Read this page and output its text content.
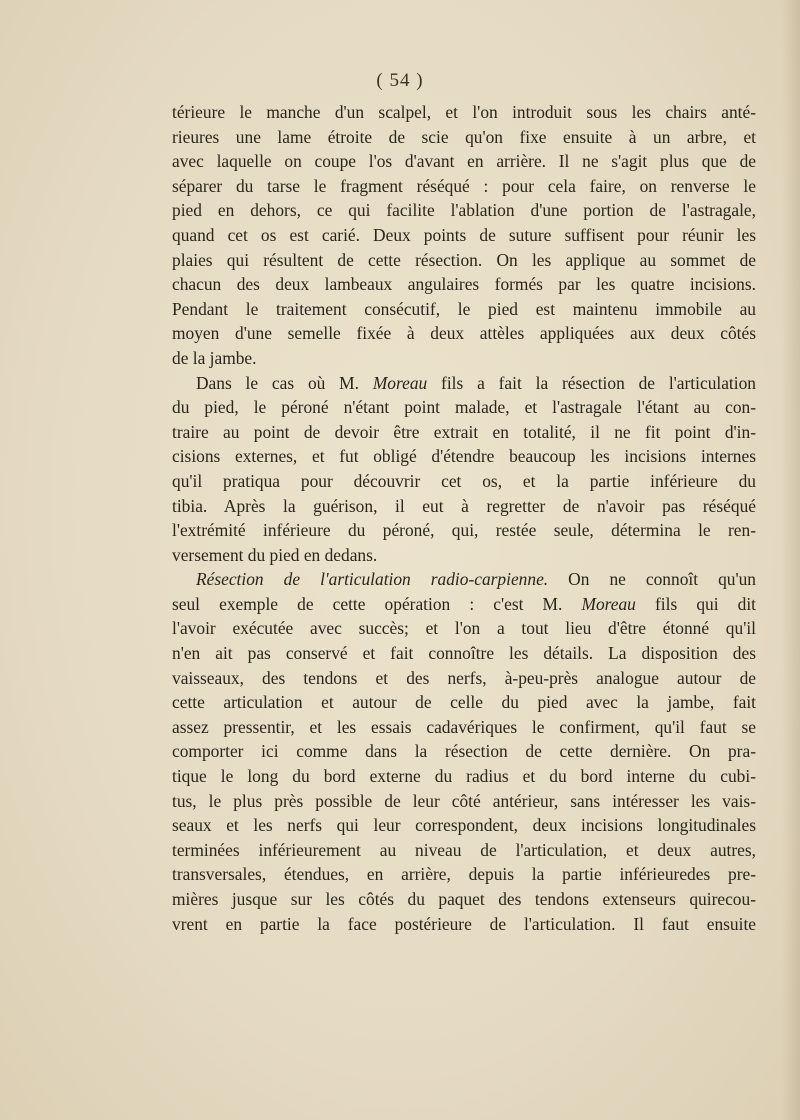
( 54 )
térieure le manche d'un scalpel, et l'on introduit sous les chairs anté-
rieures une lame étroite de scie qu'on fixe ensuite à un arbre, et
avec laquelle on coupe l'os d'avant en arrière. Il ne s'agit plus que de
séparer du tarse le fragment réséqué : pour cela faire, on renverse le
pied en dehors, ce qui facilite l'ablation d'une portion de l'astragale,
quand cet os est carié. Deux points de suture suffisent pour réunir les
plaies qui résultent de cette résection. On les applique au sommet de
chacun des deux lambeaux angulaires formés par les quatre incisions.
Pendant le traitement consécutif, le pied est maintenu immobile au
moyen d'une semelle fixée à deux attèles appliquées aux deux côtés
de la jambe.
Dans le cas où M. Moreau fils a fait la résection de l'articulation
du pied, le péroné n'étant point malade, et l'astragale l'étant au con-
traire au point de devoir être extrait en totalité, il ne fit point d'in-
cisions externes, et fut obligé d'étendre beaucoup les incisions internes
qu'il pratiqua pour découvrir cet os, et la partie inférieure du
tibia. Après la guérison, il eut à regretter de n'avoir pas réséqué
l'extrémité inférieure du péroné, qui, restée seule, détermina le ren-
versement du pied en dedans.
Résection de l'articulation radio-carpienne. On ne connoît qu'un
seul exemple de cette opération : c'est M. Moreau fils qui dit
l'avoir exécutée avec succès; et l'on a tout lieu d'être étonné qu'il
n'en ait pas conservé et fait connoître les détails. La disposition des
vaisseaux, des tendons et des nerfs, à-peu-près analogue autour de
cette articulation et autour de celle du pied avec la jambe, fait
assez pressentir, et les essais cadavériques le confirment, qu'il faut se
comporter ici comme dans la résection de cette dernière. On pra-
tique le long du bord externe du radius et du bord interne du cubi-
tus, le plus près possible de leur côté antérieur, sans intéresser les vais-
seaux et les nerfs qui leur correspondent, deux incisions longitudinales
terminées inférieurement au niveau de l'articulation, et deux autres,
transversales, étendues, en arrière, depuis la partie inférieuredes pre-
mières jusque sur les côtés du paquet des tendons extenseurs quirecou-
vrent en partie la face postérieure de l'articulation. Il faut ensuite
